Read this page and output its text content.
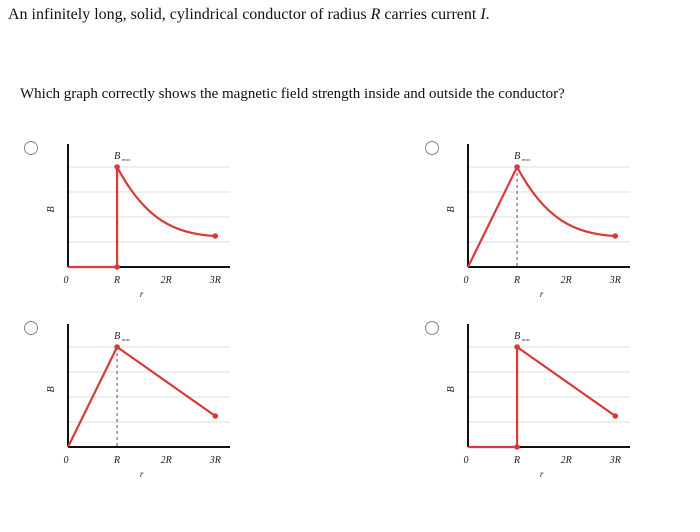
An infinitely long, solid, cylindrical conductor of radius R carries current I.
Which graph correctly shows the magnetic field strength inside and outside the conductor?
B
0	R	2R	3R
r
B max
B
0	R	2R	3R
r
B max
B
0	R	2R	3R
r
B max
B
0	R	2R	3R
r
B max
